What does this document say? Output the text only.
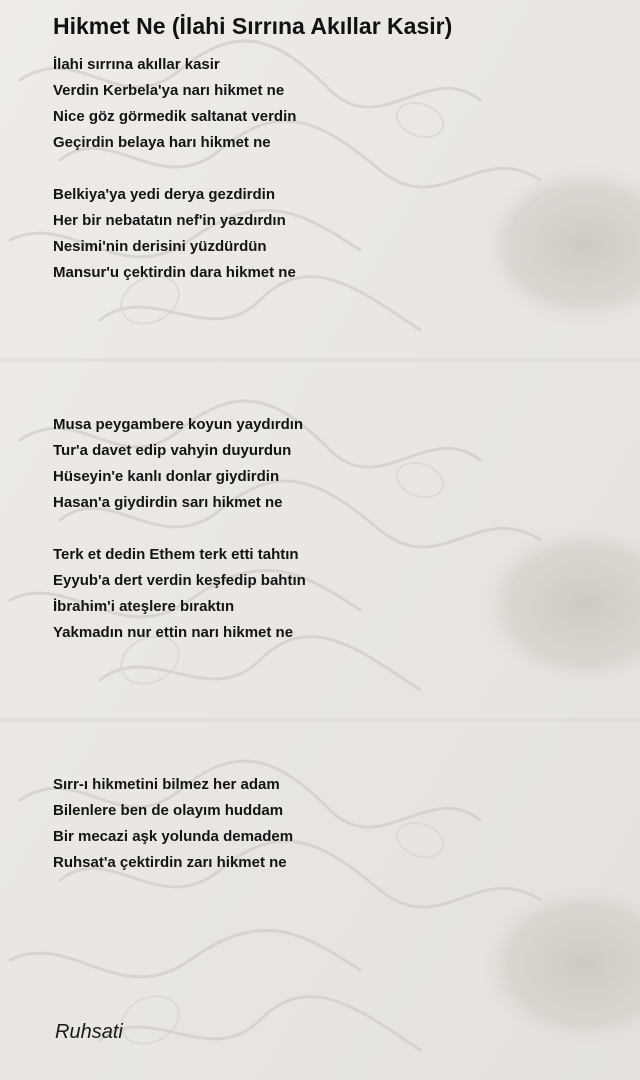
Hikmet Ne (İlahi Sırrına Akıllar Kasir)
İlahi sırrına akıllar kasir
Verdin Kerbela'ya narı hikmet ne
Nice göz görmedik saltanat verdin
Geçirdin belaya harı hikmet ne
Belkiya'ya yedi derya gezdirdin
Her bir nebatatın nef'in yazdırdın
Nesimi'nin derisini yüzdürdün
Mansur'u çektirdin dara hikmet ne
Musa peygambere koyun yaydırdın
Tur'a davet edip vahyin duyurdun
Hüseyin'e kanlı donlar giydirdin
Hasan'a giydirdin sarı hikmet ne
Terk et dedin Ethem terk etti tahtın
Eyyub'a dert verdin keşfedip bahtın
İbrahim'i ateşlere bıraktın
Yakmadın nur ettin narı hikmet ne
Sırr-ı hikmetini bilmez her adam
Bilenlere ben de olayım huddam
Bir mecazi aşk yolunda demadem
Ruhsat'a çektirdin zarı hikmet ne
Ruhsati
